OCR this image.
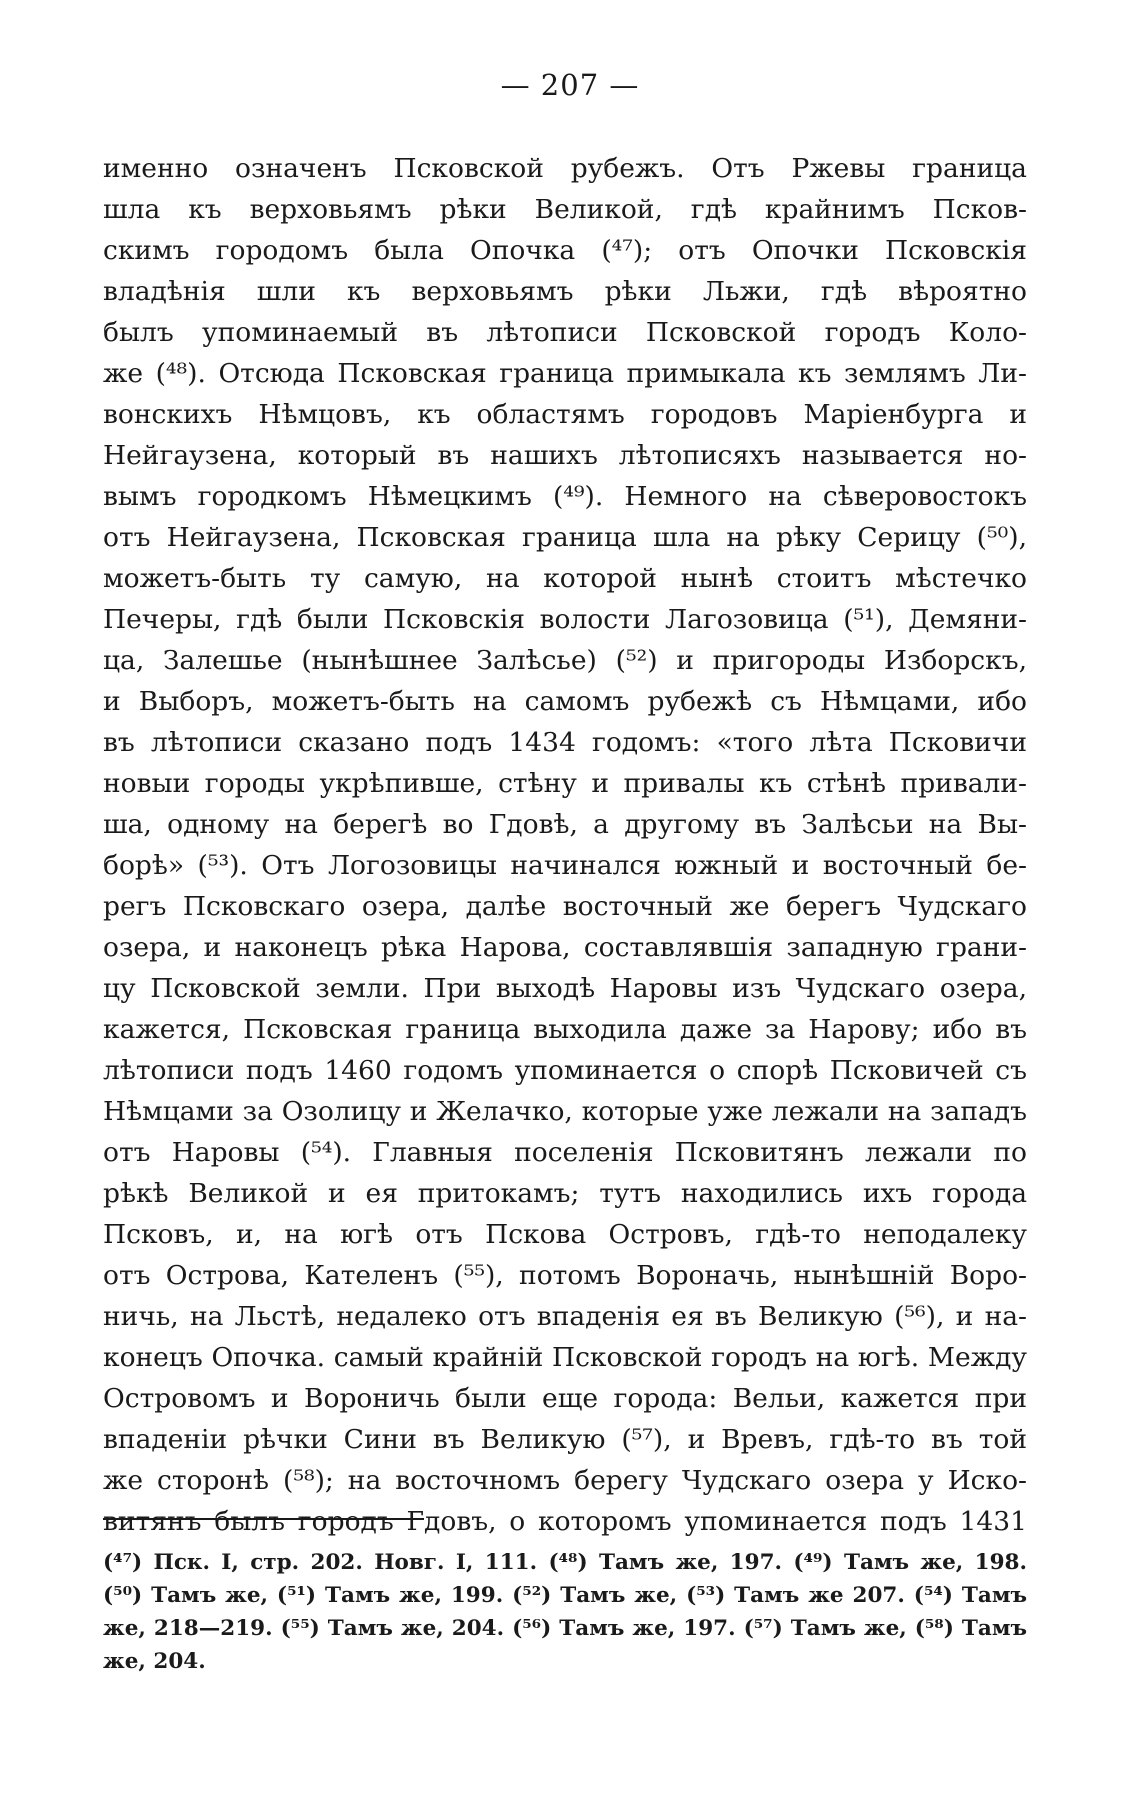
— 207 —
именно означенъ Псковской рубежъ. Отъ Ржевы граница
шла къ верховьямъ рѣки Великой, гдѣ крайнимъ Псков-
скимъ городомъ была Опочка (⁴⁷); отъ Опочки Псковскія
владѣнія шли къ верховьямъ рѣки Льжи, гдѣ вѣроятно
былъ упоминаемый въ лѣтописи Псковской городъ Коло-
же (⁴⁸). Отсюда Псковская граница примыкала къ землямъ Ли-
вонскихъ Нѣмцовъ, къ областямъ городовъ Маріенбурга и
Нейгаузена, который въ нашихъ лѣтописяхъ называется но-
вымъ городкомъ Нѣмецкимъ (⁴⁹). Немного на сѣверовостокъ
отъ Нейгаузена, Псковская граница шла на рѣку Серицу (⁵⁰),
можетъ-быть ту самую, на которой нынѣ стоитъ мѣстечко
Печеры, гдѣ были Псковскія волости Лагозовица (⁵¹), Демяни-
ца, Залешье (нынѣшнее Залѣсье) (⁵²) и пригороды Изборскъ,
и Выборъ, можетъ-быть на самомъ рубежѣ съ Нѣмцами, ибо
въ лѣтописи сказано подъ 1434 годомъ: «того лѣта Псковичи
новыи городы укрѣпивше, стѣну и привалы къ стѣнѣ привали-
ша, одному на берегѣ во Гдовѣ, а другому въ Залѣсьи на Вы-
борѣ» (⁵³). Отъ Логозовицы начинался южный и восточный бе-
регъ Псковскаго озера, далѣе восточный же берегъ Чудскаго
озера, и наконецъ рѣка Нарова, составлявшія западную грани-
цу Псковской земли. При выходѣ Наровы изъ Чудскаго озера,
кажется, Псковская граница выходила даже за Нарову; ибо въ
лѣтописи подъ 1460 годомъ упоминается о спорѣ Псковичей съ
Нѣмцами за Озолицу и Желачко, которые уже лежали на западъ
отъ Наровы (⁵⁴). Главныя поселенія Псковитянъ лежали по
рѣкѣ Великой и ея притокамъ; тутъ находились ихъ города
Псковъ, и, на югѣ отъ Пскова Островъ, гдѣ-то неподалеку
отъ Острова, Кателенъ (⁵⁵), потомъ Вороначь, нынѣшній Воро-
ничь, на Льстѣ, недалеко отъ впаденія ея въ Великую (⁵⁶), и на-
конецъ Опочка. самый крайній Псковской городъ на югѣ. Между
Островомъ и Вороничь были еще города: Вельи, кажется при
впаденіи рѣчки Сини въ Великую (⁵⁷), и Вревъ, гдѣ-то въ той
же сторонѣ (⁵⁸); на восточномъ берегу Чудскаго озера у Иско-
витянъ былъ городъ Гдовъ, о которомъ упоминается подъ 1431
(⁴⁷) Пск. I, стр. 202. Новг. I, 111. (⁴⁸) Тамъ же, 197. (⁴⁹) Тамъ же, 198.
(⁵⁰) Тамъ же, (⁵¹) Тамъ же, 199. (⁵²) Тамъ же, (⁵³) Тамъ же 207. (⁵⁴) Тамъ
же, 218—219. (⁵⁵) Тамъ же, 204. (⁵⁶) Тамъ же, 197. (⁵⁷) Тамъ же, (⁵⁸) Тамъ
же, 204.
